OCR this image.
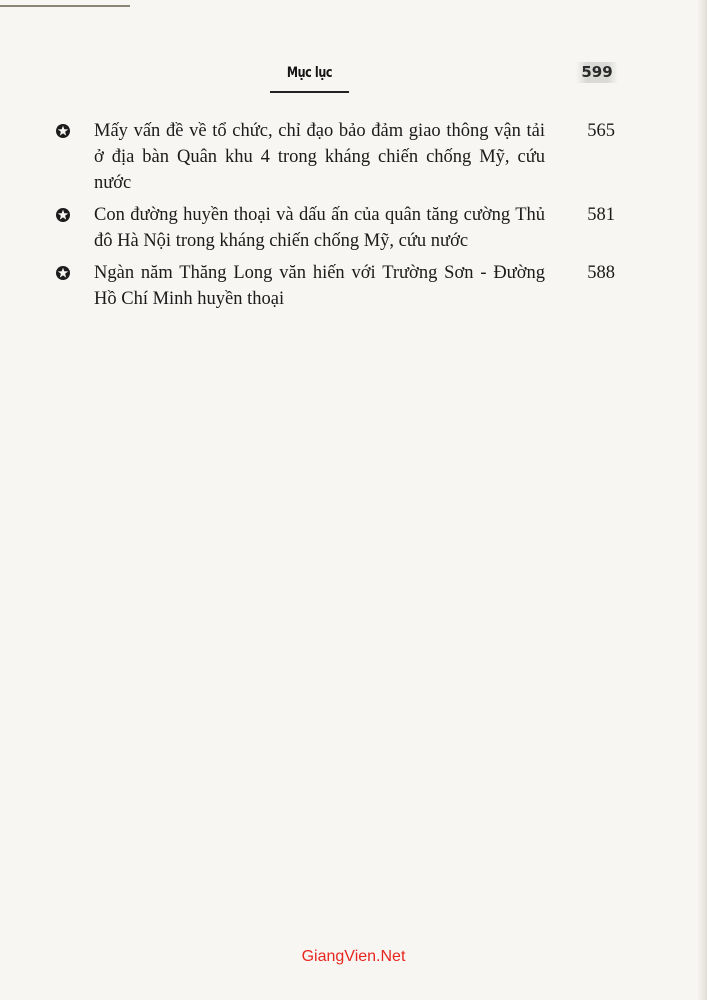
Mục lục	599
Mấy vấn đề về tổ chức, chỉ đạo bảo đảm giao thông vận tải ở địa bàn Quân khu 4 trong kháng chiến chống Mỹ, cứu nước
565
Con đường huyền thoại và dấu ấn của quân tăng cường Thủ đô Hà Nội trong kháng chiến chống Mỹ, cứu nước
581
Ngàn năm Thăng Long văn hiến với Trường Sơn - Đường Hồ Chí Minh huyền thoại
588
GiangVien.Net
